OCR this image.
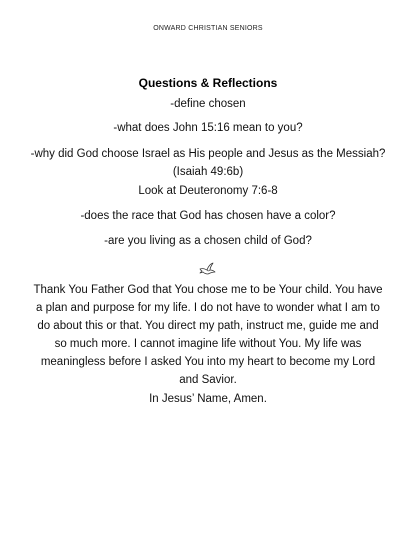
ONWARD CHRISTIAN SENIORS
Questions & Reflections
-define chosen
-what does John 15:16 mean to you?
-why did God choose Israel as His people and Jesus as the Messiah?
(Isaiah 49:6b)
Look at Deuteronomy 7:6-8
-does the race that God has chosen have a color?
-are you living as a chosen child of God?
Thank You Father God that You chose me to be Your child. You have
a plan and purpose for my life. I do not have to wonder what I am to
do about this or that. You direct my path, instruct me, guide me and
so much more. I cannot imagine life without You. My life was
meaningless before I asked You into my heart to become my Lord
and Savior.
In Jesus’ Name, Amen.
